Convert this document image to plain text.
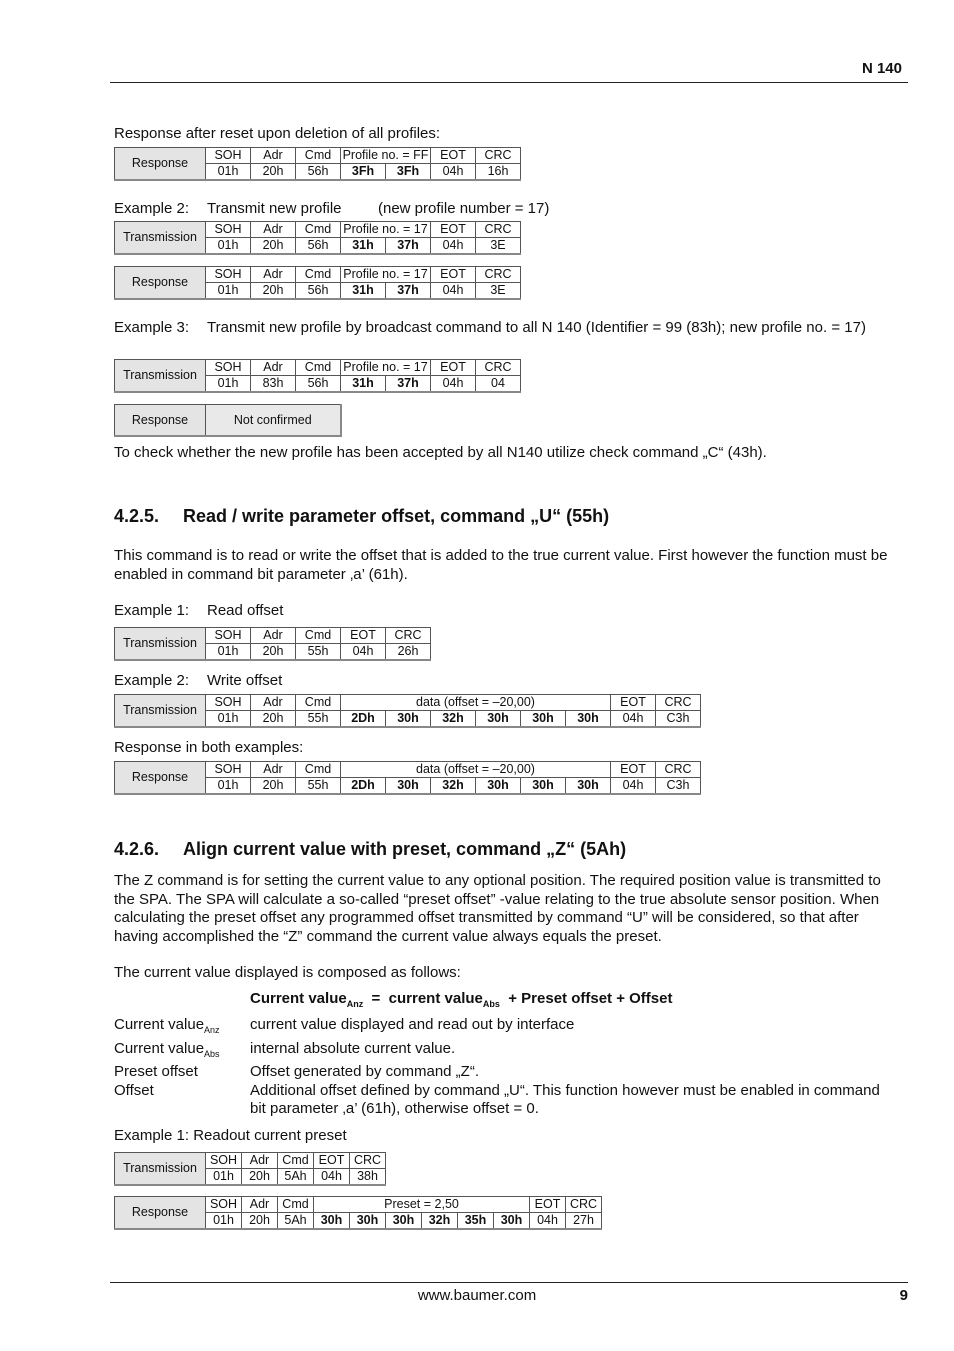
N 140

Response after reset upon deletion of all profiles:

Response	SOH	Adr	Cmd	Profile no. = FF		EOT	CRC
	01h	20h	56h	3Fh	3Fh	04h	16h

Example 2: Transmit new profile (new profile number = 17)

Transmission	SOH	Adr	Cmd	Profile no. = 17		EOT	CRC
	01h	20h	56h	31h	37h	04h	3E
Response	SOH	Adr	Cmd	Profile no. = 17		EOT	CRC
	01h	20h	56h	31h	37h	04h	3E

Example 3: Transmit new profile by broadcast command to all N 140 (Identifier = 99 (83h); new profile no. = 17)

Transmission	SOH	Adr	Cmd	Profile no. = 17		EOT	CRC
	01h	83h	56h	31h	37h	04h	04
Response	Not confirmed

To check whether the new profile has been accepted by all N140 utilize check command „C“ (43h).

4.2.5. Read / write parameter offset, command „U“ (55h)

This command is to read or write the offset that is added to the true current value. First however the function must be enabled in command bit parameter ‚a’ (61h).

Example 1: Read offset

Transmission	SOH	Adr	Cmd	EOT	CRC
	01h	20h	55h	04h	26h

Example 2: Write offset

Transmission	SOH	Adr	Cmd	data (offset = –20,00)						EOT	CRC
	01h	20h	55h	2Dh	30h	32h	30h	30h	30h	04h	C3h

Response in both examples:

Response	SOH	Adr	Cmd	data (offset = –20,00)						EOT	CRC
	01h	20h	55h	2Dh	30h	32h	30h	30h	30h	04h	C3h
4.2.6. Align current value with preset, command „Z“ (5Ah)

The Z command is for setting the current value to any optional position. The required position value is transmitted to the SPA. The SPA will calculate a so-called “preset offset” -value relating to the true absolute sensor position. When calculating the preset offset any programmed offset transmitted by command “U” will be considered, so that after having accomplished the “Z” command the current value always equals the preset.

The current value displayed is composed as follows:

Current value$_{Anz}$ = current value$_{Abs}$ + Preset offset + Offset
Current value$_{Anz}$	current value displayed and read out by interface
Current value$_{Abs}$	internal absolute current value.
Preset offset	Offset generated by command „Z“.
Offset	Additional offset defined by command „U“. This function however must be enabled in command bit parameter ‚a’ (61h), otherwise offset = 0.

Example 1: Readout current preset

Transmission	SOH	Adr	Cmd	EOT	CRC
	01h	20h	5Ah	04h	38h
Response	SOH	Adr	Cmd	Preset = 2,50						EOT	CRC
	01h	20h	5Ah	30h	30h	30h	32h	35h	30h	04h	27h
www.baumer.com	9
